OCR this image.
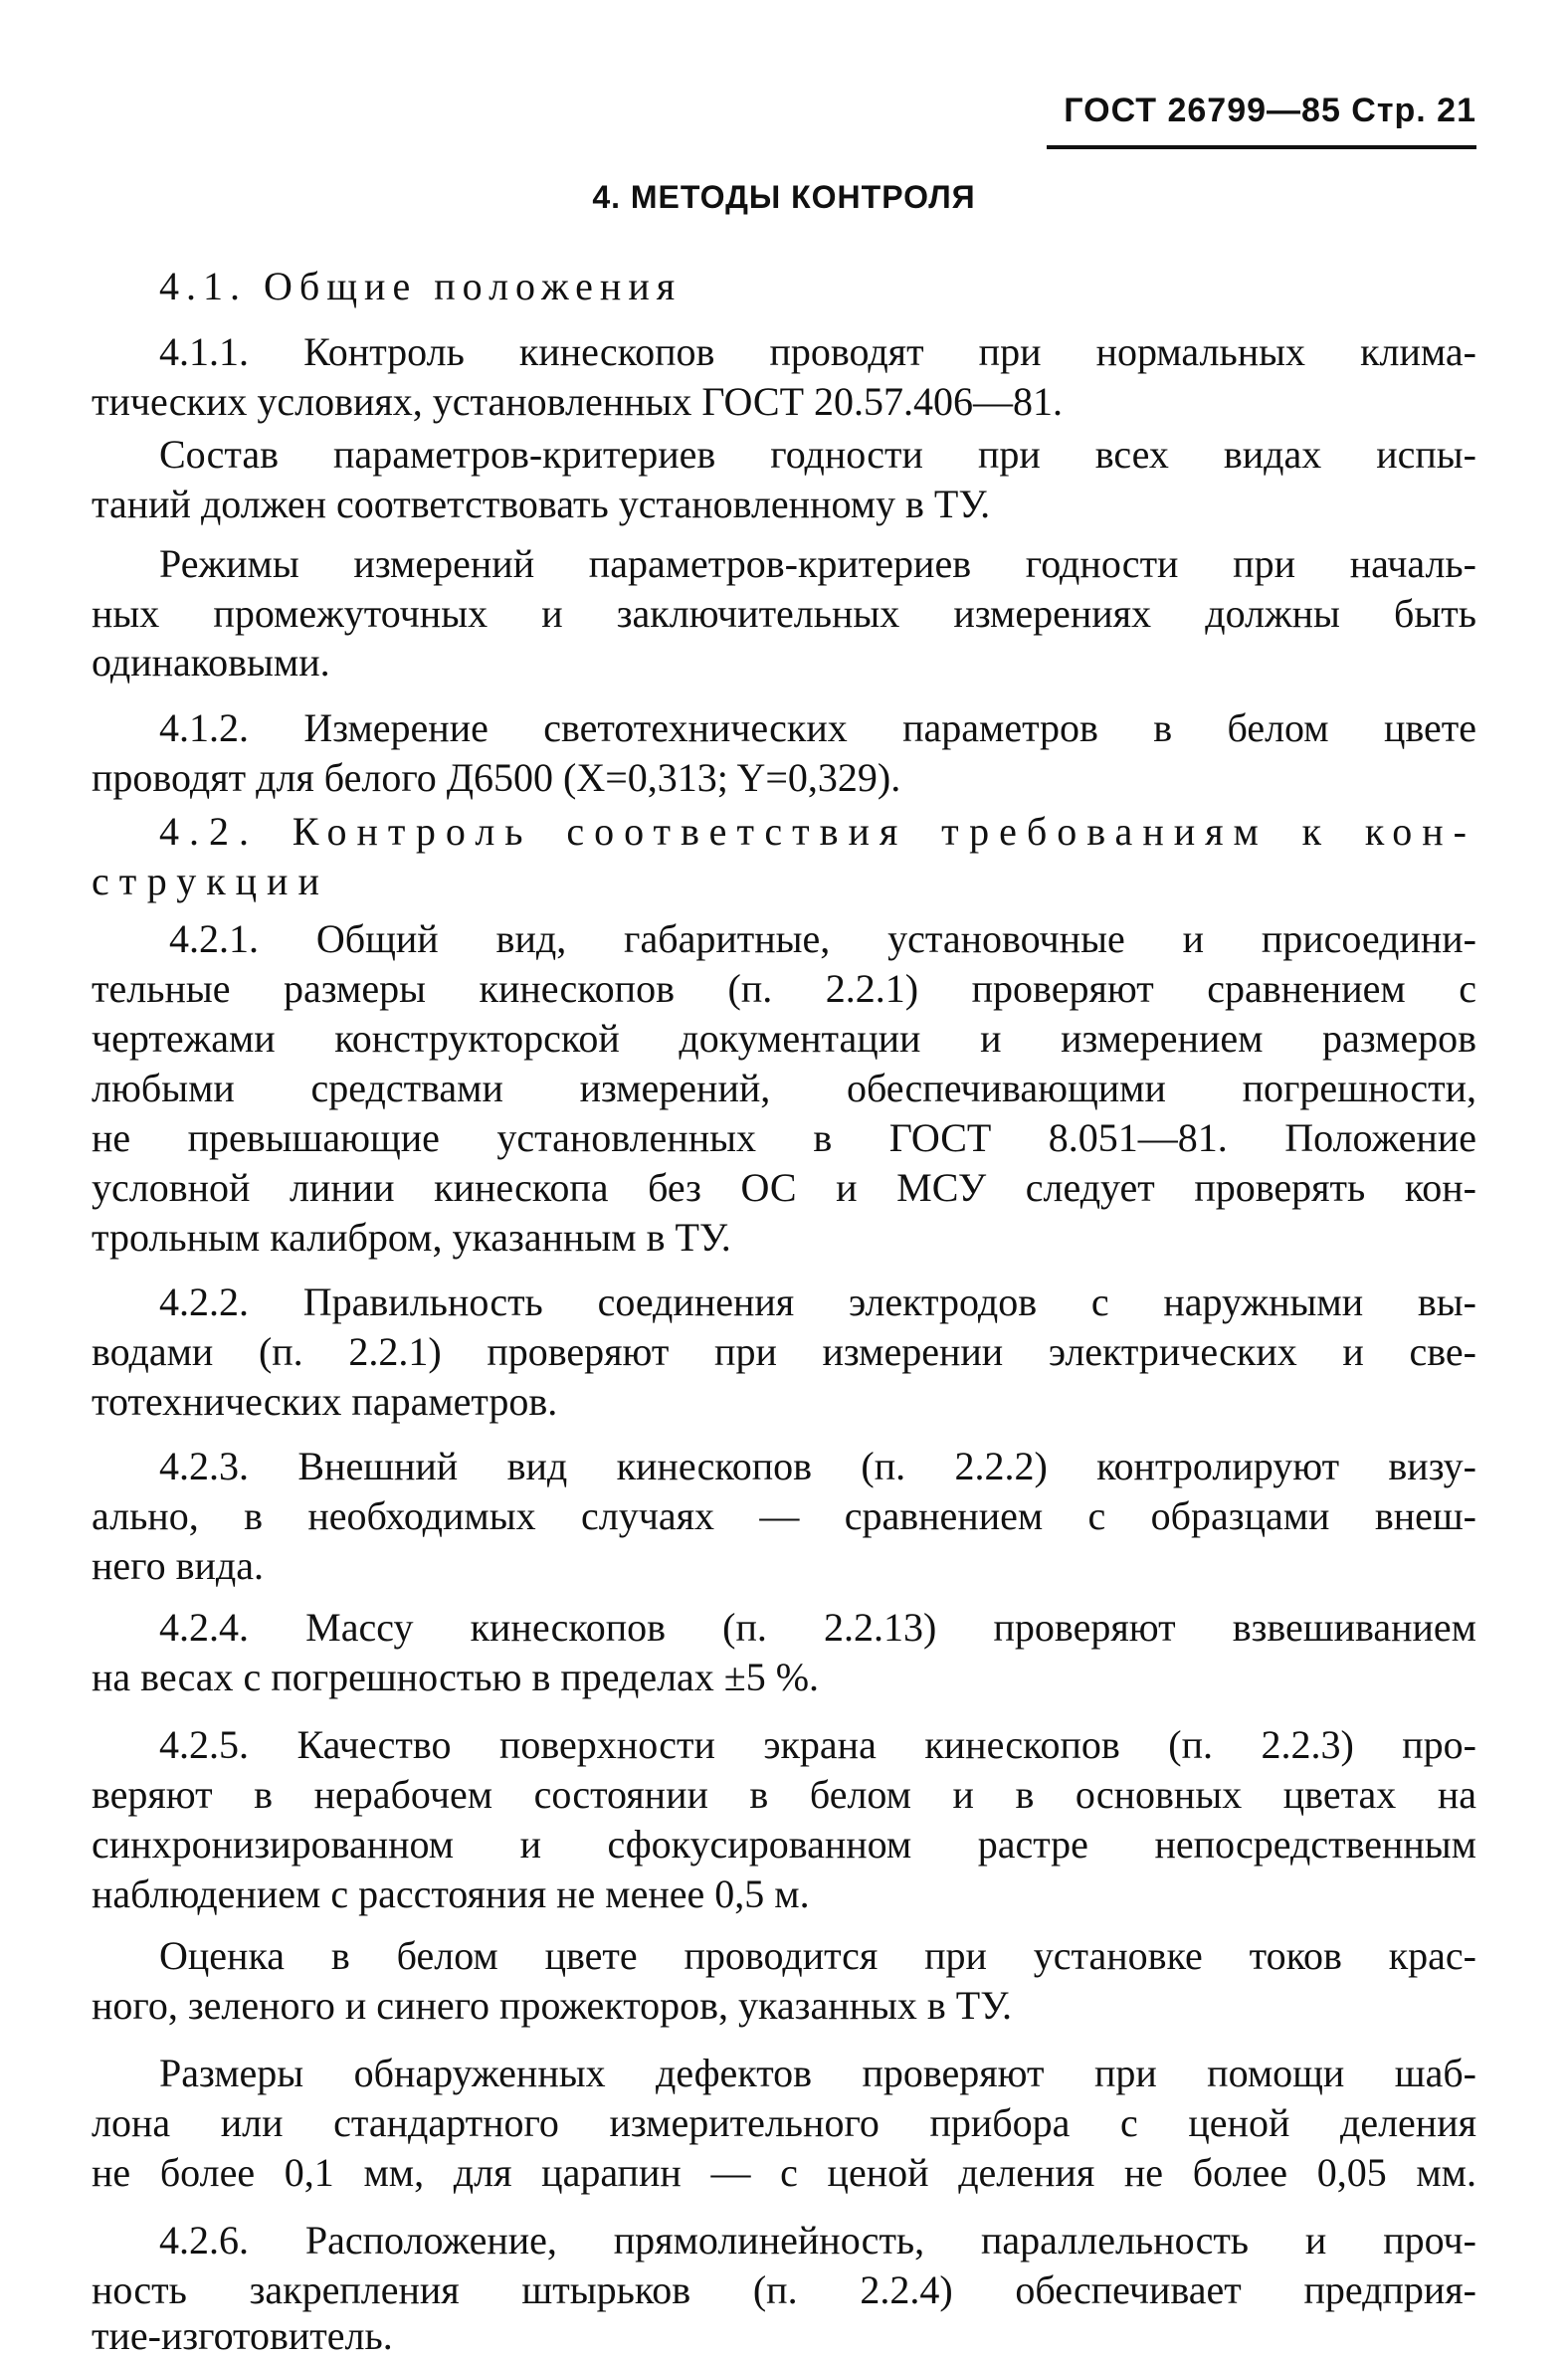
ГОСТ 26799—85 Стр. 21
4. МЕТОДЫ КОНТРОЛЯ
4.1. Общие положения
4.1.1. Контроль кинескопов проводят при нормальных клима-
тических условиях, установленных ГОСТ 20.57.406—81.
Состав параметров-критериев годности при всех видах испы-
таний должен соответствовать установленному в ТУ.
Режимы измерений параметров-критериев годности при началь-
ных промежуточных и заключительных измерениях должны быть
одинаковыми.
4.1.2. Измерение светотехнических параметров в белом цвете
проводят для белого Д6500 (X=0,313; Y=0,329).
4.2. Контроль соответствия требованиям к кон-
струкции
4.2.1. Общий вид, габаритные, установочные и присоедини-
тельные размеры кинескопов (п. 2.2.1) проверяют сравнением с
чертежами конструкторской документации и измерением размеров
любыми средствами измерений, обеспечивающими погрешности,
не превышающие установленных в ГОСТ 8.051—81. Положение
условной линии кинескопа без ОС и МСУ следует проверять кон-
трольным калибром, указанным в ТУ.
4.2.2. Правильность соединения электродов с наружными вы-
водами (п. 2.2.1) проверяют при измерении электрических и све-
тотехнических параметров.
4.2.3. Внешний вид кинескопов (п. 2.2.2) контролируют визу-
ально, в необходимых случаях — сравнением с образцами внеш-
него вида.
4.2.4. Массу кинескопов (п. 2.2.13) проверяют взвешиванием
на весах с погрешностью в пределах ±5 %.
4.2.5. Качество поверхности экрана кинескопов (п. 2.2.3) про-
веряют в нерабочем состоянии в белом и в основных цветах на
синхронизированном и сфокусированном растре непосредственным
наблюдением с расстояния не менее 0,5 м.
Оценка в белом цвете проводится при установке токов крас-
ного, зеленого и синего прожекторов, указанных в ТУ.
Размеры обнаруженных дефектов проверяют при помощи шаб-
лона или стандартного измерительного прибора с ценой деления
не более 0,1 мм, для царапин — с ценой деления не более 0,05 мм.
4.2.6. Расположение, прямолинейность, параллельность и проч-
ность закрепления штырьков (п. 2.2.4) обеспечивает предприя-
тие-изготовитель.
